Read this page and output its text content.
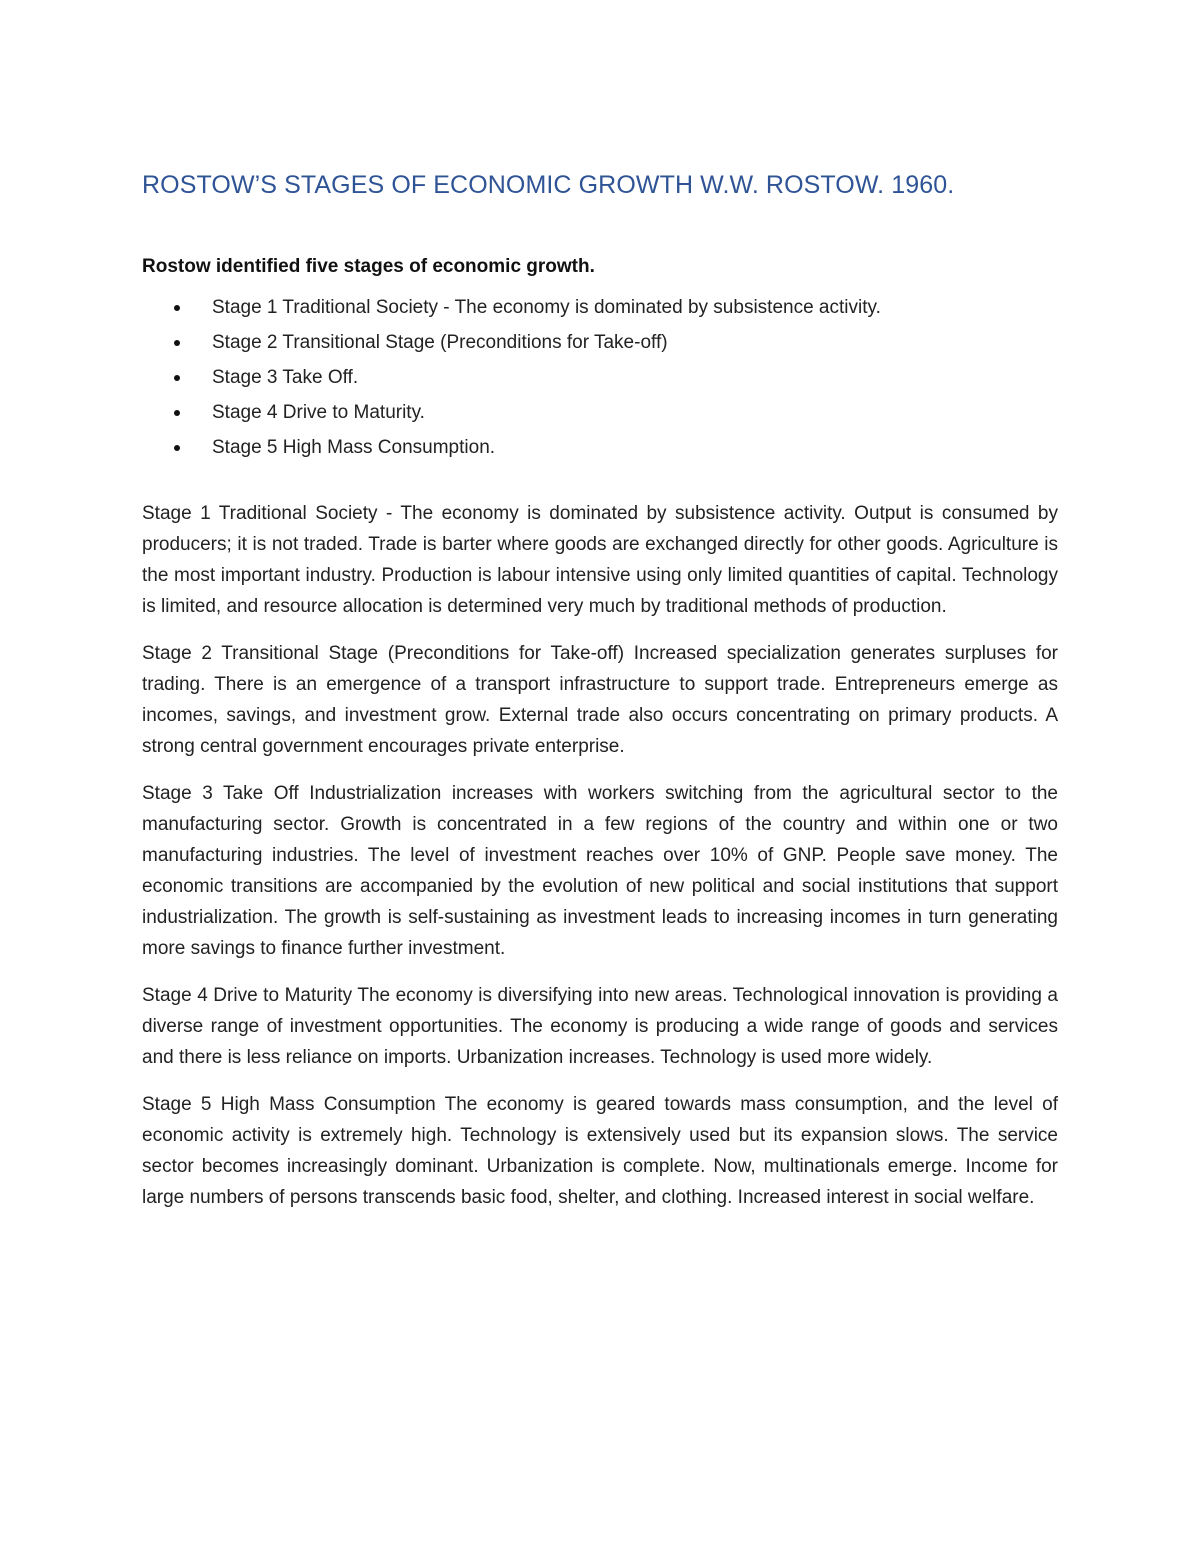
ROSTOW’S STAGES OF ECONOMIC GROWTH W.W. ROSTOW. 1960.

Rostow identified five stages of economic growth.

Stage 1 Traditional Society - The economy is dominated by subsistence activity.
Stage 2 Transitional Stage (Preconditions for Take-off)
Stage 3 Take Off.
Stage 4 Drive to Maturity.
Stage 5 High Mass Consumption.

Stage 1 Traditional Society - The economy is dominated by subsistence activity. Output is consumed by producers; it is not traded. Trade is barter where goods are exchanged directly for other goods. Agriculture is the most important industry. Production is labour intensive using only limited quantities of capital. Technology is limited, and resource allocation is determined very much by traditional methods of production.

Stage 2 Transitional Stage (Preconditions for Take-off) Increased specialization generates surpluses for trading. There is an emergence of a transport infrastructure to support trade. Entrepreneurs emerge as incomes, savings, and investment grow. External trade also occurs concentrating on primary products. A strong central government encourages private enterprise.

Stage 3 Take Off Industrialization increases with workers switching from the agricultural sector to the manufacturing sector. Growth is concentrated in a few regions of the country and within one or two manufacturing industries. The level of investment reaches over 10% of GNP. People save money. The economic transitions are accompanied by the evolution of new political and social institutions that support industrialization. The growth is self-sustaining as investment leads to increasing incomes in turn generating more savings to finance further investment.

Stage 4 Drive to Maturity The economy is diversifying into new areas. Technological innovation is providing a diverse range of investment opportunities. The economy is producing a wide range of goods and services and there is less reliance on imports. Urbanization increases. Technology is used more widely.

Stage 5 High Mass Consumption The economy is geared towards mass consumption, and the level of economic activity is extremely high. Technology is extensively used but its expansion slows. The service sector becomes increasingly dominant. Urbanization is complete. Now, multinationals emerge. Income for large numbers of persons transcends basic food, shelter, and clothing. Increased interest in social welfare.
